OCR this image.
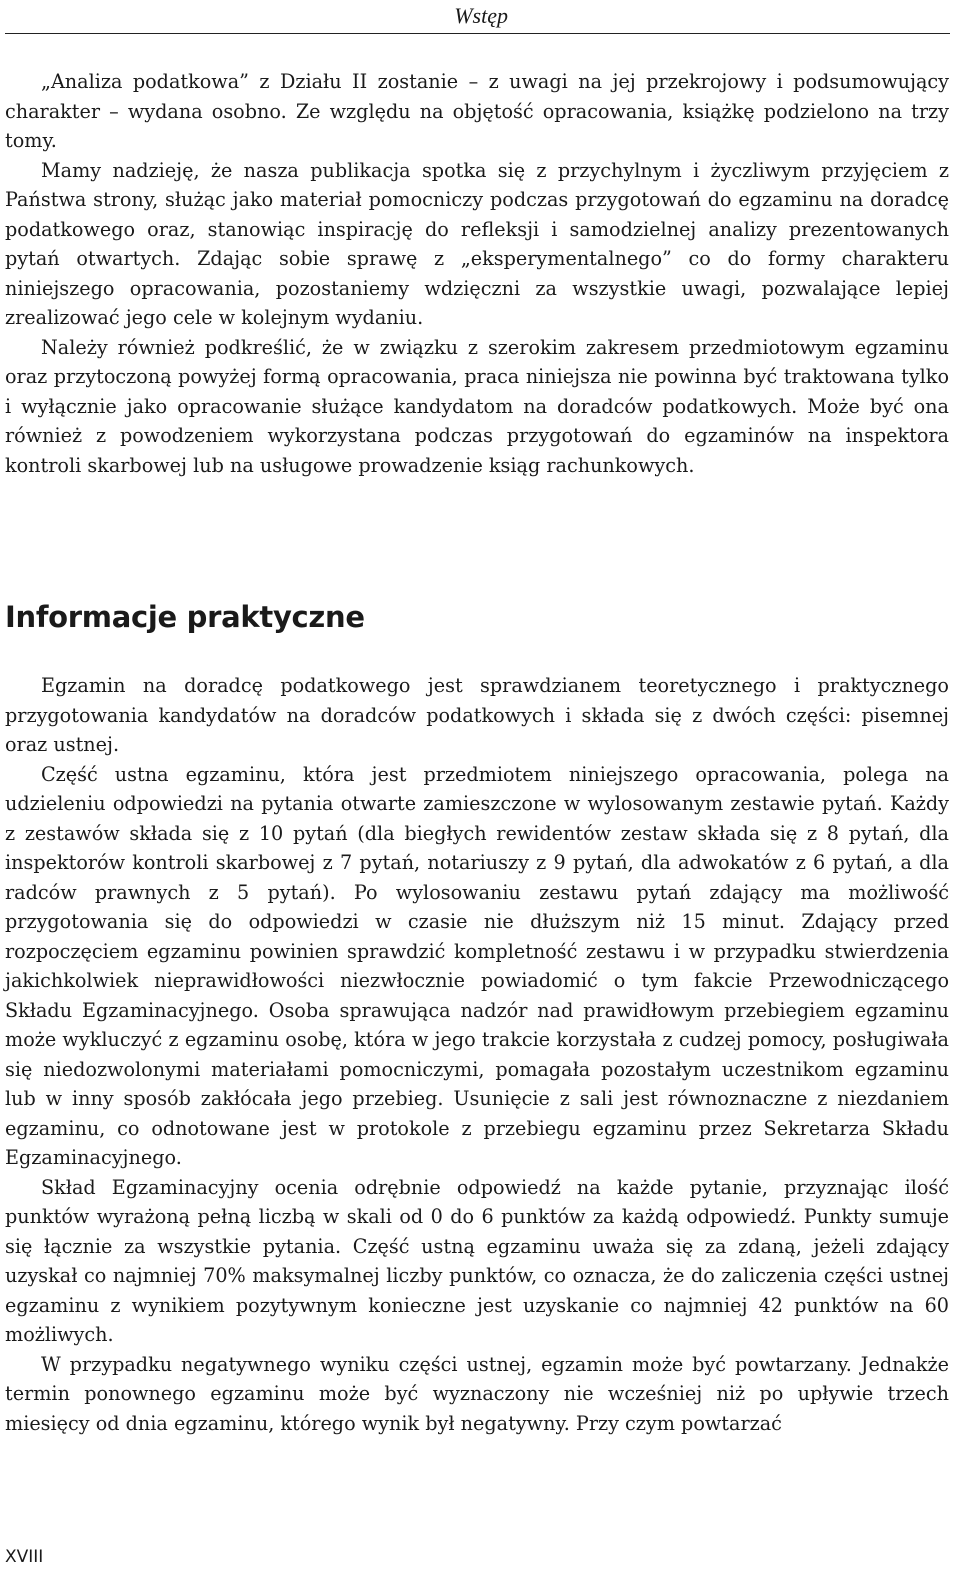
Wstęp

„Analiza podatkowa” z Działu II zostanie – z uwagi na jej przekrojowy i podsumowujący charakter – wydana osobno. Ze względu na objętość opracowania, książkę podzielono na trzy tomy.

Mamy nadzieję, że nasza publikacja spotka się z przychylnym i życzliwym przyjęciem z Państwa strony, służąc jako materiał pomocniczy podczas przygotowań do egzaminu na doradcę podatkowego oraz, stanowiąc inspirację do refleksji i samodzielnej analizy prezentowanych pytań otwartych. Zdając sobie sprawę z „eksperymentalnego” co do formy charakteru niniejszego opracowania, pozostaniemy wdzięczni za wszystkie uwagi, pozwalające lepiej zrealizować jego cele w kolejnym wydaniu.

Należy również podkreślić, że w związku z szerokim zakresem przedmiotowym egzaminu oraz przytoczoną powyżej formą opracowania, praca niniejsza nie powinna być traktowana tylko i wyłącznie jako opracowanie służące kandydatom na doradców podatkowych. Może być ona również z powodzeniem wykorzystana podczas przygotowań do egzaminów na inspektora kontroli skarbowej lub na usługowe prowadzenie ksiąg rachunkowych.

Informacje praktyczne

Egzamin na doradcę podatkowego jest sprawdzianem teoretycznego i praktycznego przygotowania kandydatów na doradców podatkowych i składa się z dwóch części: pisemnej oraz ustnej.

Część ustna egzaminu, która jest przedmiotem niniejszego opracowania, polega na udzieleniu odpowiedzi na pytania otwarte zamieszczone w wylosowanym zestawie pytań. Każdy z zestawów składa się z 10 pytań (dla biegłych rewidentów zestaw składa się z 8 pytań, dla inspektorów kontroli skarbowej z 7 pytań, notariuszy z 9 pytań, dla adwokatów z 6 pytań, a dla radców prawnych z 5 pytań). Po wylosowaniu zestawu pytań zdający ma możliwość przygotowania się do odpowiedzi w czasie nie dłuższym niż 15 minut. Zdający przed rozpoczęciem egzaminu powinien sprawdzić kompletność zestawu i w przypadku stwierdzenia jakichkolwiek nieprawidłowości niezwłocznie powiadomić o tym fakcie Przewodniczącego Składu Egzaminacyjnego. Osoba sprawująca nadzór nad prawidłowym przebiegiem egzaminu może wykluczyć z egzaminu osobę, która w jego trakcie korzystała z cudzej pomocy, posługiwała się niedozwolonymi materiałami pomocniczymi, pomagała pozostałym uczestnikom egzaminu lub w inny sposób zakłócała jego przebieg. Usunięcie z sali jest równoznaczne z niezdaniem egzaminu, co odnotowane jest w protokole z przebiegu egzaminu przez Sekretarza Składu Egzaminacyjnego.

Skład Egzaminacyjny ocenia odrębnie odpowiedź na każde pytanie, przyznając ilość punktów wyrażoną pełną liczbą w skali od 0 do 6 punktów za każdą odpowiedź. Punkty sumuje się łącznie za wszystkie pytania. Część ustną egzaminu uważa się za zdaną, jeżeli zdający uzyskał co najmniej 70% maksymalnej liczby punktów, co oznacza, że do zaliczenia części ustnej egzaminu z wynikiem pozytywnym konieczne jest uzyskanie co najmniej 42 punktów na 60 możliwych.

W przypadku negatywnego wyniku części ustnej, egzamin może być powtarzany. Jednakże termin ponownego egzaminu może być wyznaczony nie wcześniej niż po upływie trzech miesięcy od dnia egzaminu, którego wynik był negatywny. Przy czym powtarzać

XVIII
